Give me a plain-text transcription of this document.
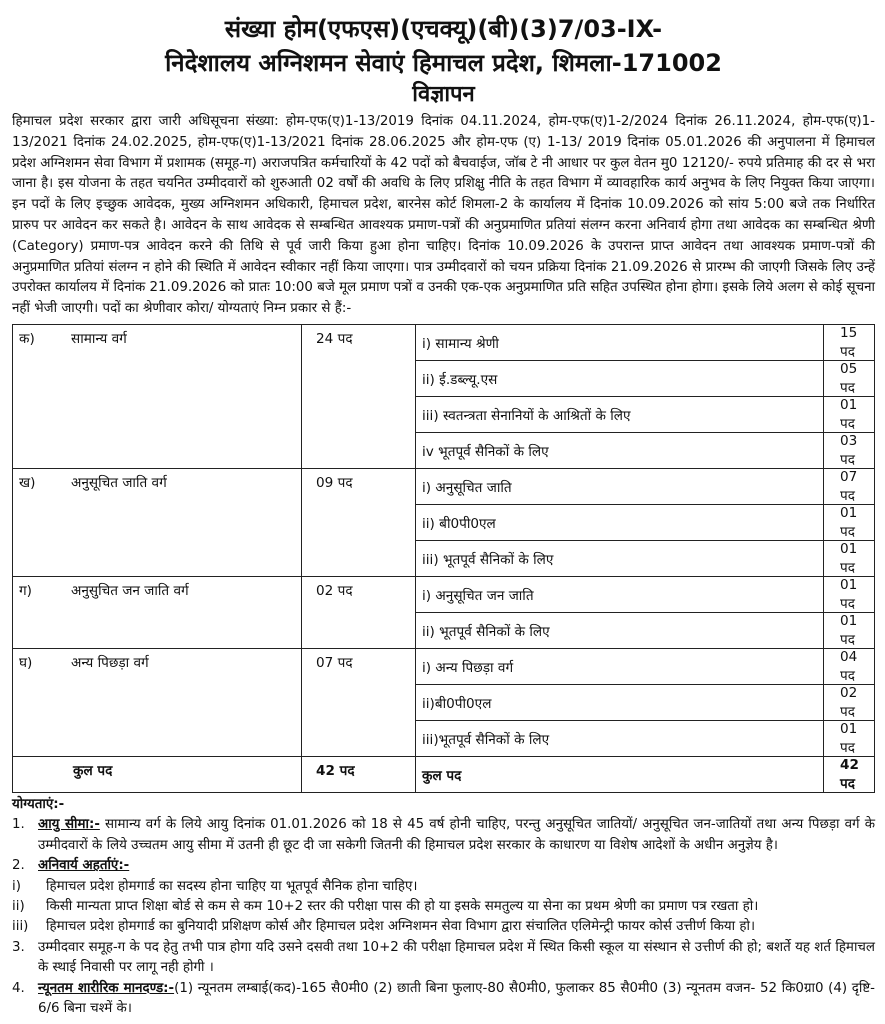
संख्या होम(एफएस)(एचक्यू)(बी)(3)7/03-IX-

निदेशालय अग्निशमन सेवाएं हिमाचल प्रदेश, शिमला-171002

विज्ञापन

हिमाचल प्रदेश सरकार द्वारा जारी अधिसूचना संख्या: होम-एफ(ए)1-13/2019 दिनांक 04.11.2024, होम-एफ(ए)1-2/2024 दिनांक 26.11.2024, होम-एफ(ए)1-13/2021 दिनांक 24.02.2025, होम-एफ(ए)1-13/2021 दिनांक 28.06.2025 और होम-एफ (ए) 1-13/ 2019 दिनांक 05.01.2026 की अनुपालना में हिमाचल प्रदेश अग्निशमन सेवा विभाग में प्रशामक (समूह-ग) अराजपत्रित कर्मचारियों के 42 पदों को बैचवाईज, जॉब टे नी आधार पर कुल वेतन मु0 12120/- रुपये प्रतिमाह की दर से भरा जाना है। इस योजना के तहत चयनित उम्मीदवारों को शुरुआती 02 वर्षों की अवधि के लिए प्रशिक्षु नीति के तहत विभाग में व्यावहारिक कार्य अनुभव के लिए नियुक्त किया जाएगा। इन पदों के लिए इच्छुक आवेदक, मुख्य अग्निशमन अधिकारी, हिमाचल प्रदेश, बारनेस कोर्ट शिमला-2 के कार्यालय में दिनांक 10.09.2026 को सांय 5:00 बजे तक निर्धारित प्रारुप पर आवेदन कर सकते है। आवेदन के साथ आवेदक से सम्बन्धित आवश्यक प्रमाण-पत्रों की अनुप्रमाणित प्रतियां संलग्न करना अनिवार्य होगा तथा आवेदक का सम्बन्धित श्रेणी (Category) प्रमाण-पत्र आवेदन करने की तिथि से पूर्व जारी किया हुआ होना चाहिए। दिनांक 10.09.2026 के उपरान्त प्राप्त आवेदन तथा आवश्यक प्रमाण-पत्रों की अनुप्रमाणित प्रतियां संलग्न न होने की स्थिति में आवेदन स्वीकार नहीं किया जाएगा। पात्र उम्मीदवारों को चयन प्रक्रिया दिनांक 21.09.2026 से प्रारम्भ की जाएगी जिसके लिए उन्हें उपरोक्त कार्यालय में दिनांक 21.09.2026 को प्रातः 10:00 बजे मूल प्रमाण पत्रों व उनकी एक-एक अनुप्रमाणित प्रति सहित उपस्थित होना होगा। इसके लिये अलग से कोई सूचना नहीं भेजी जाएगी। पदों का श्रेणीवार कोरा/ योग्यताएं निम्न प्रकार से हैं:-

क) सामान्य वर्ग	24 पद	i) सामान्य श्रेणी	15 पद
		ii) ई.डब्ल्यू.एस	05 पद
		iii) स्वतन्त्रता सेनानियों के आश्रितों के लिए	01 पद
		iv भूतपूर्व सैनिकों के लिए	03 पद
ख) अनुसूचित जाति वर्ग	09 पद	i) अनुसूचित जाति	07 पद
		ii) बी0पी0एल	01 पद
		iii) भूतपूर्व सैनिकों के लिए	01 पद
ग) अनुसुचित जन जाति वर्ग	02 पद	i) अनुसूचित जन जाति	01 पद
		ii) भूतपूर्व सैनिकों के लिए	01 पद
घ) अन्य पिछड़ा वर्ग	07 पद	i) अन्य पिछड़ा वर्ग	04 पद
		ii)बी0पी0एल	02 पद
		iii)भूतपूर्व सैनिकों के लिए	01 पद
कुल पद	42 पद	कुल पद	42 पद
योग्यताएं:-
1. आयु सीमा:- सामान्य वर्ग के लिये आयु दिनांक 01.01.2026 को 18 से 45 वर्ष होनी चाहिए, परन्तु अनुसूचित जातियों/ अनुसूचित जन-जातियों तथा अन्य पिछड़ा वर्ग के उम्मीदवारों के लिये उच्चतम आयु सीमा में उतनी ही छूट दी जा सकेगी जितनी की हिमाचल प्रदेश सरकार के काधारण या विशेष आदेशों के अधीन अनुज्ञेय है।
2. अनिवार्य अहर्ताएं:-
i)	हिमाचल प्रदेश होमगार्ड का सदस्य होना चाहिए या भूतपूर्व सैनिक होना चाहिए।
ii)	किसी मान्यता प्राप्त शिक्षा बोर्ड से कम से कम 10+2 स्तर की परीक्षा पास की हो या इसके समतुल्य या सेना का प्रथम श्रेणी का प्रमाण पत्र रखता हो।
iii)	हिमाचल प्रदेश होमगार्ड का बुनियादी प्रशिक्षण कोर्स और हिमाचल प्रदेश अग्निशमन सेवा विभाग द्वारा संचालित एलिमेन्ट्री फायर कोर्स उत्तीर्ण किया हो।
3. उम्मीदवार समूह-ग के पद हेतु तभी पात्र होगा यदि उसने दसवी तथा 10+2 की परीक्षा हिमाचल प्रदेश में स्थित किसी स्कूल या संस्थान से उत्तीर्ण की हो; बशर्ते यह शर्त हिमाचल के स्थाई निवासी पर लागू नही होगी ।
4. न्यूनतम शारीरिक मानदण्ड:-(1) न्यूनतम लम्बाई(कद)-165 सै0मी0 (2) छाती बिना फुलाए-80 सै0मी0, फुलाकर 85 सै0मी0 (3) न्यूनतम वजन- 52 कि0ग्रा0 (4) दृष्टि- 6/6 बिना चश्में के।
